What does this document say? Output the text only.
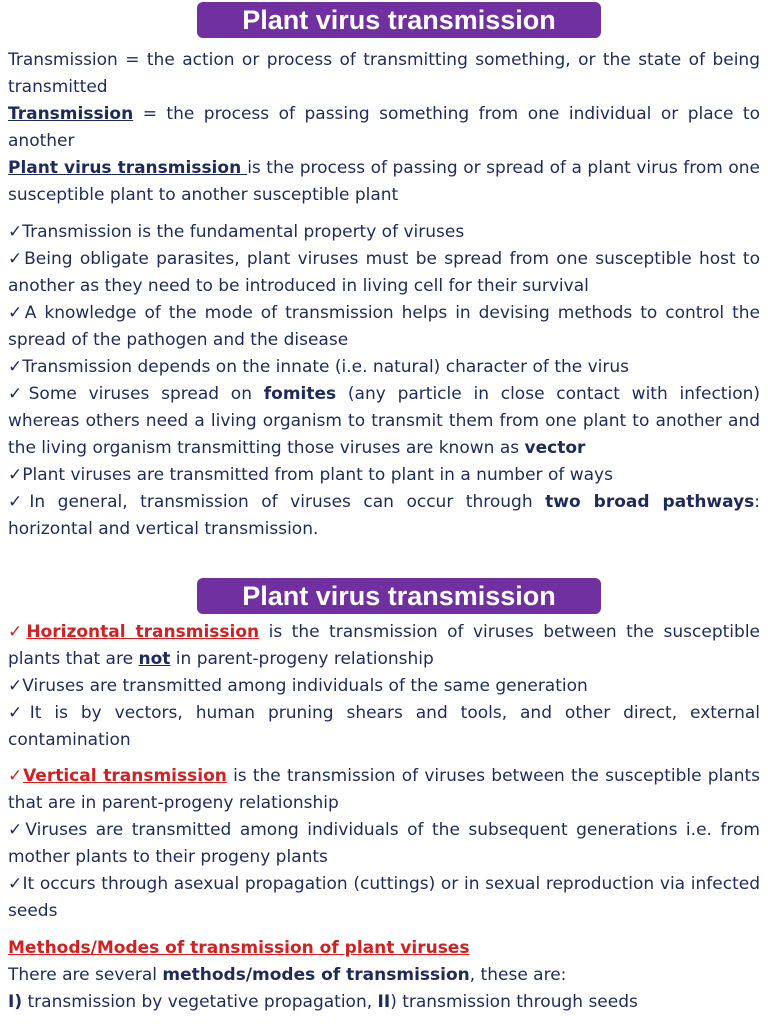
Plant virus transmission

Transmission = the action or process of transmitting something, or the state of being transmitted

Transmission = the process of passing something from one individual or place to another

Plant virus transmission is the process of passing or spread of a plant virus from one susceptible plant to another susceptible plant

✓Transmission is the fundamental property of viruses

✓Being obligate parasites, plant viruses must be spread from one susceptible host to another as they need to be introduced in living cell for their survival

✓A knowledge of the mode of transmission helps in devising methods to control the spread of the pathogen and the disease

✓Transmission depends on the innate (i.e. natural) character of the virus

✓Some viruses spread on fomites (any particle in close contact with infection) whereas others need a living organism to transmit them from one plant to another and the living organism transmitting those viruses are known as vector

✓Plant viruses are transmitted from plant to plant in a number of ways

✓In general, transmission of viruses can occur through two broad pathways: horizontal and vertical transmission.

Plant virus transmission

✓Horizontal transmission is the transmission of viruses between the susceptible plants that are not in parent-progeny relationship

✓Viruses are transmitted among individuals of the same generation

✓It is by vectors, human pruning shears and tools, and other direct, external contamination

✓Vertical transmission is the transmission of viruses between the susceptible plants that are in parent-progeny relationship

✓Viruses are transmitted among individuals of the subsequent generations i.e. from mother plants to their progeny plants

✓It occurs through asexual propagation (cuttings) or in sexual reproduction via infected seeds

Methods/Modes of transmission of plant viruses

There are several methods/modes of transmission, these are:

I) transmission by vegetative propagation, II) transmission through seeds
